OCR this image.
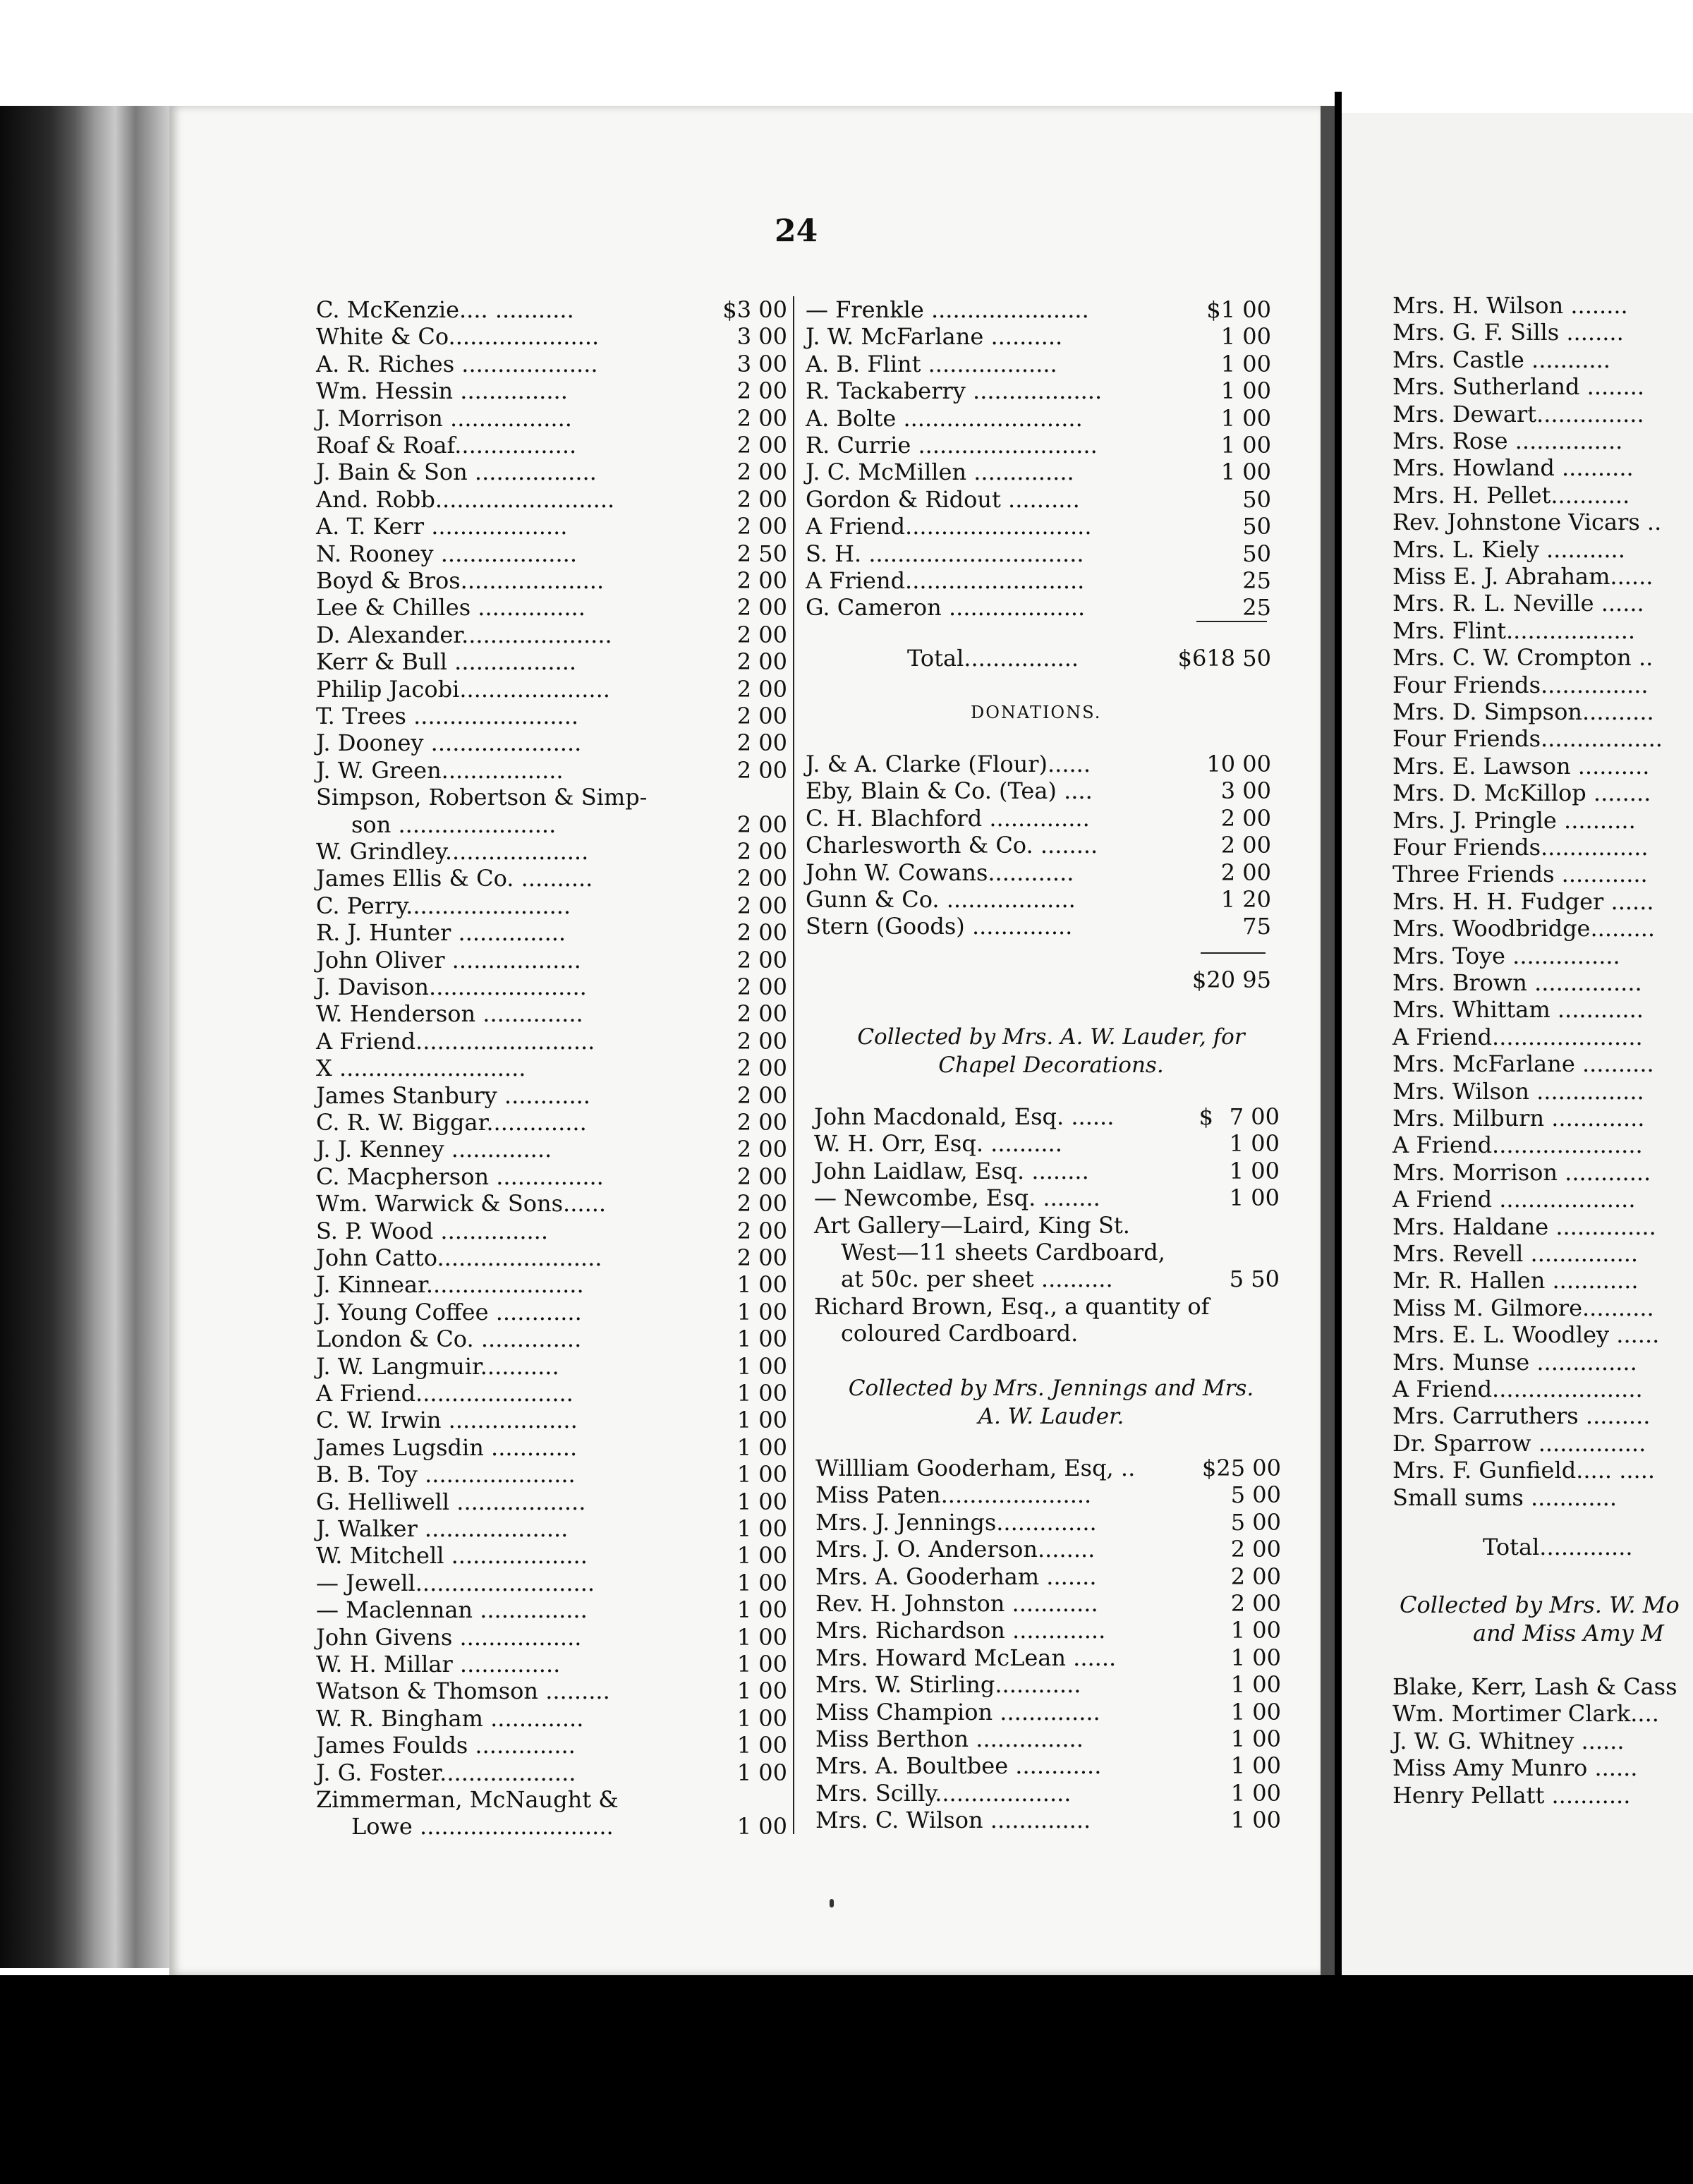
Mrs. H. Wilson ........
Mrs. G. F. Sills ........
Mrs. Castle ...........
Mrs. Sutherland ........
Mrs. Dewart...............
Mrs. Rose ...............
Mrs. Howland ..........
Mrs. H. Pellet...........
Rev. Johnstone Vicars ..
Mrs. L. Kiely ...........
Miss E. J. Abraham......
Mrs. R. L. Neville ......
Mrs. Flint..................
Mrs. C. W. Crompton ..
Four Friends...............
Mrs. D. Simpson..........
Four Friends.................
Mrs. E. Lawson ..........
Mrs. D. McKillop ........
Mrs. J. Pringle ..........
Four Friends...............
Three Friends ............
Mrs. H. H. Fudger ......
Mrs. Woodbridge.........
Mrs. Toye ...............
Mrs. Brown ...............
Mrs. Whittam ............
A Friend.....................
Mrs. McFarlane ..........
Mrs. Wilson ...............
Mrs. Milburn .............
A Friend.....................
Mrs. Morrison ............
A Friend ...................
Mrs. Haldane ..............
Mrs. Revell ...............
Mr. R. Hallen ............
Miss M. Gilmore..........
Mrs. E. L. Woodley ......
Mrs. Munse ..............
A Friend.....................
Mrs. Carruthers .........
Dr. Sparrow ...............
Mrs. F. Gunfield..... .....
Small sums ............
Total.............
Collected by Mrs. W. Mo
and Miss Amy M
Blake, Kerr, Lash & Cass
Wm. Mortimer Clark....
J. W. G. Whitney ......
Miss Amy Munro ......
Henry Pellatt ...........
24
C. McKenzie.... ...........	$3 00
White & Co.....................	3 00
A. R. Riches ...................	3 00
Wm. Hessin ...............	2 00
J. Morrison .................	2 00
Roaf & Roaf.................	2 00
J. Bain & Son .................	2 00
And. Robb.........................	2 00
A. T. Kerr ...................	2 00
N. Rooney ...................	2 50
Boyd & Bros....................	2 00
Lee & Chilles ...............	2 00
D. Alexander.....................	2 00
Kerr & Bull .................	2 00
Philip Jacobi.....................	2 00
T. Trees .......................	2 00
J. Dooney .....................	2 00
J. W. Green.................	2 00
Simpson, Robertson & Simp-
son ......................	2 00
W. Grindley....................	2 00
James Ellis & Co. ..........	2 00
C. Perry.......................	2 00
R. J. Hunter ...............	2 00
John Oliver ..................	2 00
J. Davison......................	2 00
W. Henderson ..............	2 00
A Friend.........................	2 00
X ..........................	2 00
James Stanbury ............	2 00
C. R. W. Biggar..............	2 00
J. J. Kenney ..............	2 00
C. Macpherson ...............	2 00
Wm. Warwick & Sons......	2 00
S. P. Wood ...............	2 00
John Catto.......................	2 00
J. Kinnear......................	1 00
J. Young Coffee ............	1 00
London & Co. ..............	1 00
J. W. Langmuir...........	1 00
A Friend......................	1 00
C. W. Irwin ..................	1 00
James Lugsdin ............	1 00
B. B. Toy .....................	1 00
G. Helliwell ..................	1 00
J. Walker ....................	1 00
W. Mitchell ...................	1 00
— Jewell.........................	1 00
— Maclennan ...............	1 00
John Givens .................	1 00
W. H. Millar ..............	1 00
Watson & Thomson .........	1 00
W. R. Bingham .............	1 00
James Foulds ..............	1 00
J. G. Foster...................	1 00
Zimmerman, McNaught &
Lowe ...........................	1 00
— Frenkle ......................	$1 00
J. W. McFarlane ..........	1 00
A. B. Flint ..................	1 00
R. Tackaberry ..................	1 00
A. Bolte .........................	1 00
R. Currie .........................	1 00
J. C. McMillen ..............	1 00
Gordon & Ridout ..........	50
A Friend..........................	50
S. H. ..............................	50
A Friend.........................	25
G. Cameron ...................	25
Total................	$618 50
DONATIONS.
J. & A. Clarke (Flour)......	10 00
Eby, Blain & Co. (Tea) ....	3 00
C. H. Blachford ..............	2 00
Charlesworth & Co. ........	2 00
John W. Cowans............	2 00
Gunn & Co. ..................	1 20
Stern (Goods) ..............	75
$20 95
Collected by Mrs. A. W. Lauder, for
Chapel Decorations.
John Macdonald, Esq. ......	$ 7 00
W. H. Orr, Esq. ..........	1 00
John Laidlaw, Esq. ........	1 00
— Newcombe, Esq. ........	1 00
Art Gallery—Laird, King St.
West—11 sheets Cardboard,
at 50c. per sheet ..........	5 50
Richard Brown, Esq., a quantity of
coloured Cardboard.
Collected by Mrs. Jennings and Mrs.
A. W. Lauder.
Willliam Gooderham, Esq, ..	$25 00
Miss Paten.....................	5 00
Mrs. J. Jennings..............	5 00
Mrs. J. O. Anderson........	2 00
Mrs. A. Gooderham .......	2 00
Rev. H. Johnston ............	2 00
Mrs. Richardson .............	1 00
Mrs. Howard McLean ......	1 00
Mrs. W. Stirling............	1 00
Miss Champion ..............	1 00
Miss Berthon ...............	1 00
Mrs. A. Boultbee ............	1 00
Mrs. Scilly...................	1 00
Mrs. C. Wilson ..............	1 00
